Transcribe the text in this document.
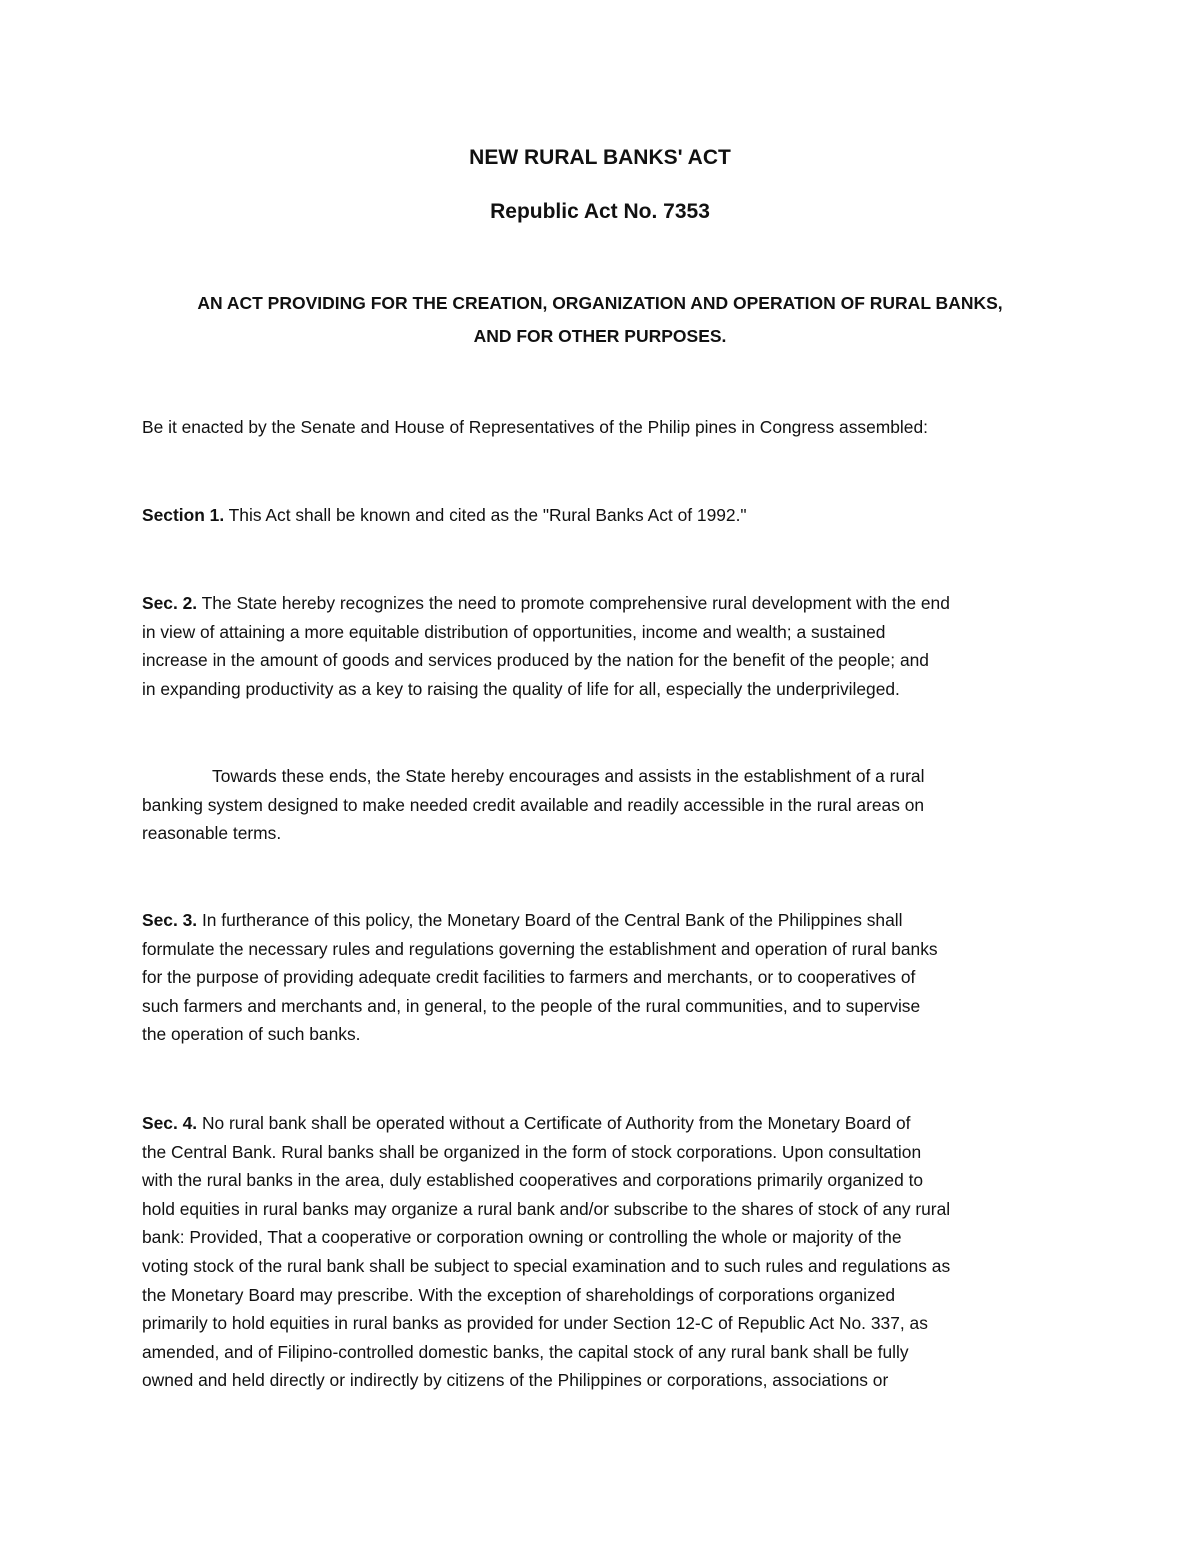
NEW RURAL BANKS' ACT
Republic Act No. 7353
AN ACT PROVIDING FOR THE CREATION, ORGANIZATION AND OPERATION OF RURAL BANKS,
AND FOR OTHER PURPOSES.

Be it enacted by the Senate and House of Representatives of the Philip pines in Congress assembled:

Section 1. This Act shall be known and cited as the "Rural Banks Act of 1992."

Sec. 2. The State hereby recognizes the need to promote comprehensive rural development with the end
in view of attaining a more equitable distribution of opportunities, income and wealth; a sustained
increase in the amount of goods and services produced by the nation for the benefit of the people; and
in expanding productivity as a key to raising the quality of life for all, especially the underprivileged.

Towards these ends, the State hereby encourages and assists in the establishment of a rural
banking system designed to make needed credit available and readily accessible in the rural areas on
reasonable terms.

Sec. 3. In furtherance of this policy, the Monetary Board of the Central Bank of the Philippines shall
formulate the necessary rules and regulations governing the establishment and operation of rural banks
for the purpose of providing adequate credit facilities to farmers and merchants, or to cooperatives of
such farmers and merchants and, in general, to the people of the rural communities, and to supervise
the operation of such banks.

Sec. 4. No rural bank shall be operated without a Certificate of Authority from the Monetary Board of
the Central Bank. Rural banks shall be organized in the form of stock corporations. Upon consultation
with the rural banks in the area, duly established cooperatives and corporations primarily organized to
hold equities in rural banks may organize a rural bank and/or subscribe to the shares of stock of any rural
bank: Provided, That a cooperative or corporation owning or controlling the whole or majority of the
voting stock of the rural bank shall be subject to special examination and to such rules and regulations as
the Monetary Board may prescribe. With the exception of shareholdings of corporations organized
primarily to hold equities in rural banks as provided for under Section 12-C of Republic Act No. 337, as
amended, and of Filipino-controlled domestic banks, the capital stock of any rural bank shall be fully
owned and held directly or indirectly by citizens of the Philippines or corporations, associations or
